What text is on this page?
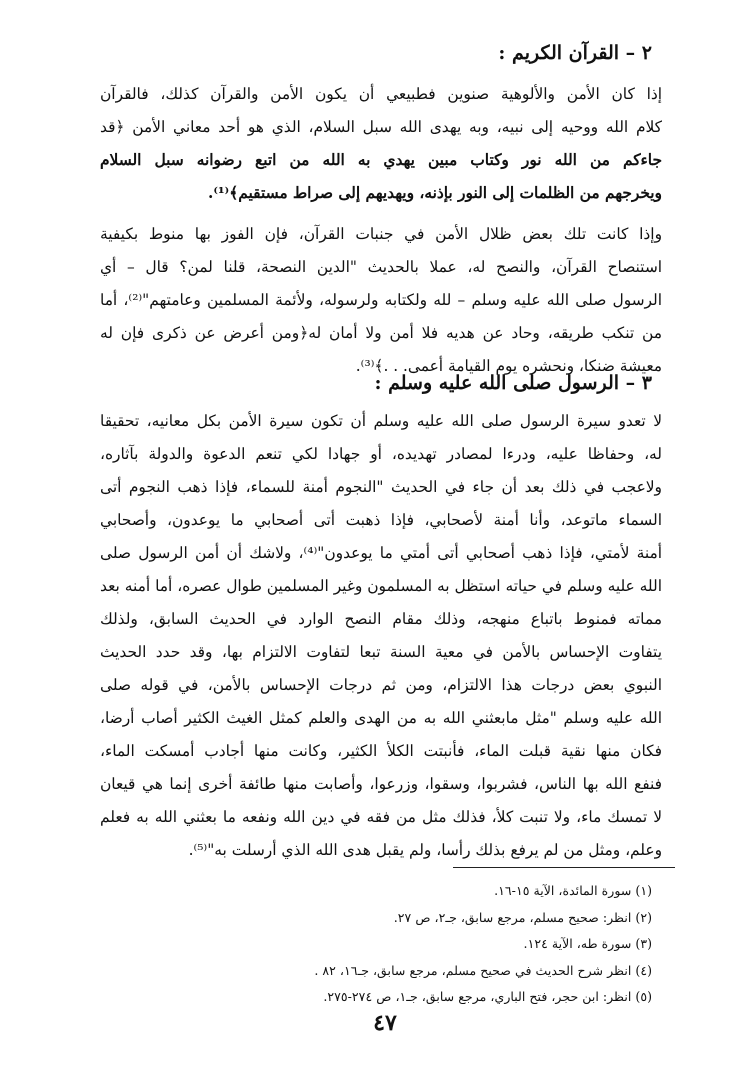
٢ – القرآن الكريم :
إذا كان الأمن والألوهية صنوين فطبيعي أن يكون الأمن والقرآن كذلك، فالقرآن
كلام الله ووحيه إلى نبيه، وبه يهدى الله سبل السلام، الذي هو أحد معاني الأمن ﴿قد
جاءكم من الله نور وكتاب مبين يهدي به الله من اتبع رضوانه سبل السلام
ويخرجهم من الظلمات إلى النور بإذنه، ويهديهم إلى صراط مستقيم﴾⁽¹⁾.
وإذا كانت تلك بعض ظلال الأمن في جنبات القرآن، فإن الفوز بها منوط بكيفية
استنصاح القرآن، والنصح له، عملا بالحديث "الدين النصحة، قلنا لمن؟ قال – أي
الرسول صلى الله عليه وسلم – لله ولكتابه ولرسوله، ولأئمة المسلمين وعامتهم"⁽²⁾، أما
من تنكب طريقه، وحاد عن هديه فلا أمن ولا أمان له﴿ومن أعرض عن ذكرى فإن له
معيشة ضنكا، ونحشره يوم القيامة أعمى. . .﴾⁽³⁾.
٣ – الرسول صلى الله عليه وسلم :
لا تعدو سيرة الرسول صلى الله عليه وسلم أن تكون سيرة الأمن بكل معانيه، تحقيقا
له، وحفاظا عليه، ودرءا لمصادر تهديده، أو جهادا لكي تنعم الدعوة والدولة بآثاره،
ولاعجب في ذلك بعد أن جاء في الحديث "النجوم أمنة للسماء، فإذا ذهب النجوم أتى
السماء ماتوعد، وأنا أمنة لأصحابي، فإذا ذهبت أتى أصحابي ما يوعدون، وأصحابي
أمنة لأمتي، فإذا ذهب أصحابي أتى أمتي ما يوعدون"⁽⁴⁾، ولاشك أن أمن الرسول صلى
الله عليه وسلم في حياته استظل به المسلمون وغير المسلمين طوال عصره، أما أمنه بعد
مماته فمنوط باتباع منهجه، وذلك مقام النصح الوارد في الحديث السابق، ولذلك
يتفاوت الإحساس بالأمن في معية السنة تبعا لتفاوت الالتزام بها، وقد حدد الحديث
النبوي بعض درجات هذا الالتزام، ومن ثم درجات الإحساس بالأمن، في قوله صلى
الله عليه وسلم "مثل مابعثني الله به من الهدى والعلم كمثل الغيث الكثير أصاب أرضا،
فكان منها نقية قبلت الماء، فأنبتت الكلأ الكثير، وكانت منها أجادب أمسكت الماء،
فنفع الله بها الناس، فشربوا، وسقوا، وزرعوا، وأصابت منها طائفة أخرى إنما هي قيعان
لا تمسك ماء، ولا تنبت كلأ، فذلك مثل من فقه في دين الله ونفعه ما بعثني الله به فعلم
وعلم، ومثل من لم يرفع بذلك رأسا، ولم يقبل هدى الله الذي أرسلت به"⁽⁵⁾.
(١) سورة المائدة، الآية ١٥-١٦.
(٢) انظر: صحيح مسلم، مرجع سابق، جـ٢، ص ٢٧.
(٣) سورة طه، الآية ١٢٤.
(٤) انظر شرح الحديث في صحيح مسلم، مرجع سابق، جـ١٦، ٨٢ .
(٥) انظر: ابن حجر، فتح الباري، مرجع سابق، جـ١، ص ٢٧٤-٢٧٥.
٤٧
